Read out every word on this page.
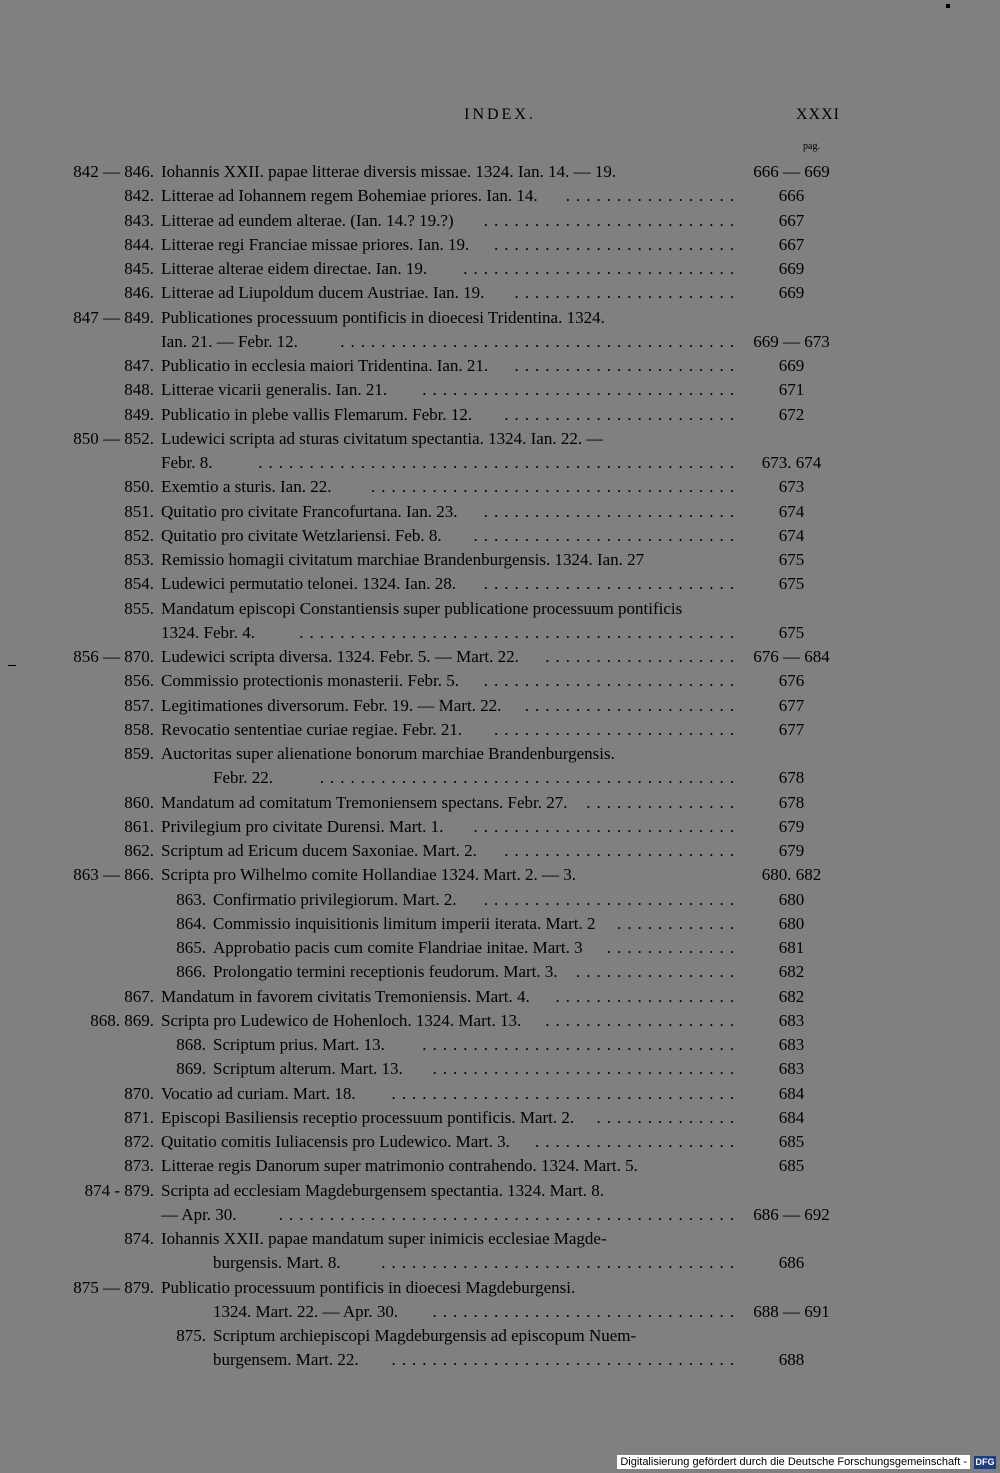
INDEX.	XXXI
pag.
842 — 846. Iohannis XXII. papae litterae diversis missae. 1324. Ian. 14. — 19.	666 — 669
842. Litterae ad Iohannem regem Bohemiae priores. Ian. 14.	.................	666
843. Litterae ad eundem alterae. (Ian. 14.? 19.?)	.........................	667
844. Litterae regi Franciae missae priores. Ian. 19.	........................	667
845. Litterae alterae eidem directae. Ian. 19.	...........................	669
846. Litterae ad Liupoldum ducem Austriae. Ian. 19.	......................	669
847 — 849. Publicationes processuum pontificis in dioecesi Tridentina. 1324.
Ian. 21. — Febr. 12.	....................................... 669 — 673
847. Publicatio in ecclesia maiori Tridentina. Ian. 21.	......................	669
848. Litterae vicarii generalis. Ian. 21.	...............................	671
849. Publicatio in plebe vallis Flemarum. Febr. 12.	.......................	672
850 — 852. Ludewici scripta ad sturas civitatum spectantia. 1324. Ian. 22. —
Febr. 8.	...............................................	673. 674
850. Exemtio a sturis. Ian. 22.	....................................	673
851. Quitatio pro civitate Francofurtana. Ian. 23.	.........................	674
852. Quitatio pro civitate Wetzlariensi. Feb. 8.	..........................	674
853. Remissio homagii civitatum marchiae Brandenburgensis. 1324. Ian. 27	675
854. Ludewici permutatio telonei. 1324. Ian. 28.	.........................	675
855. Mandatum episcopi Constantiensis super publicatione processuum pontificis
1324. Febr. 4.	...........................................	675
856 — 870. Ludewici scripta diversa. 1324. Febr. 5. — Mart. 22.	................... 676 — 684
856. Commissio protectionis monasterii. Febr. 5.	.........................	676
857. Legitimationes diversorum. Febr. 19. — Mart. 22.	.....................	677
858. Revocatio sententiae curiae regiae. Febr. 21.	........................	677
859. Auctoritas super alienatione bonorum marchiae Brandenburgensis.
Febr. 22.	.........................................	678
860. Mandatum ad comitatum Tremoniensem spectans. Febr. 27.	...............	678
861. Privilegium pro civitate Durensi. Mart. 1.	..........................	679
862. Scriptum ad Ericum ducem Saxoniae. Mart. 2.	.......................	679
863 — 866. Scripta pro Wilhelmo comite Hollandiae 1324. Mart. 2. — 3.	680. 682
863. Confirmatio privilegiorum. Mart. 2.	.........................	680
864. Commissio inquisitionis limitum imperii iterata. Mart. 2	............	680
865. Approbatio pacis cum comite Flandriae initae. Mart. 3	.............	681
866. Prolongatio termini receptionis feudorum. Mart. 3.	................	682
867. Mandatum in favorem civitatis Tremoniensis. Mart. 4.	..................	682
868. 869. Scripta pro Ludewico de Hohenloch. 1324. Mart. 13.	...................	683
868. Scriptum prius. Mart. 13.	...............................	683
869. Scriptum alterum. Mart. 13.	..............................	683
870. Vocatio ad curiam. Mart. 18.	..................................	684
871. Episcopi Basiliensis receptio processuum pontificis. Mart. 2.	..............	684
872. Quitatio comitis Iuliacensis pro Ludewico. Mart. 3.	....................	685
873. Litterae regis Danorum super matrimonio contrahendo. 1324. Mart. 5.	685
874 - 879. Scripta ad ecclesiam Magdeburgensem spectantia. 1324. Mart. 8.
— Apr. 30.	............................................. 686 — 692
874. Iohannis XXII. papae mandatum super inimicis ecclesiae Magde-
burgensis. Mart. 8.	...................................	686
875 — 879. Publicatio processuum pontificis in dioecesi Magdeburgensi.
1324. Mart. 22. — Apr. 30.	.............................. 688 — 691
875. Scriptum archiepiscopi Magdeburgensis ad episcopum Nuem-
burgensem. Mart. 22.	..................................	688
Digitalisierung gefördert durch die Deutsche Forschungsgemeinschaft - DFG
